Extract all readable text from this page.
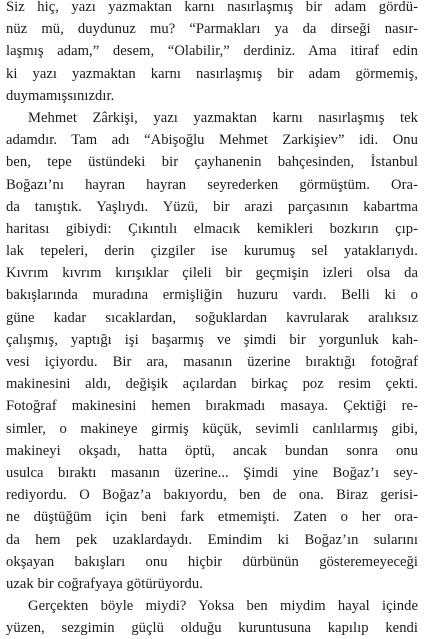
Siz hiç, yazı yazmaktan karnı nasırlaşmış bir adam gördü-
nüz mü, duydunuz mu? “Parmakları ya da dirseği nasır-
laşmış adam,” desem, “Olabilir,” derdiniz. Ama itiraf edin
ki yazı yazmaktan karnı nasırlaşmış bir adam görmemiş,
duymamışsınızdır.
Mehmet Zârkişi, yazı yazmaktan karnı nasırlaşmış tek
adamdır. Tam adı “Abişoğlu Mehmet Zarkişiev” idi. Onu
ben, tepe üstündeki bir çayhanenin bahçesinden, İstanbul
Boğazı’nı hayran hayran seyrederken görmüştüm. Ora-
da tanıştık. Yaşlıydı. Yüzü, bir arazi parçasının kabartma
haritası gibiydi: Çıkıntılı elmacık kemikleri bozkırın çıp-
lak tepeleri, derin çizgiler ise kurumuş sel yataklarıydı.
Kıvrım kıvrım kırışıklar çileli bir geçmişin izleri olsa da
bakışlarında muradına ermişliğin huzuru vardı. Belli ki o
güne kadar sıcaklardan, soğuklardan kavrularak aralıksız
çalışmış, yaptığı işi başarmış ve şimdi bir yorgunluk kah-
vesi içiyordu. Bir ara, masanın üzerine bıraktığı fotoğraf
makinesini aldı, değişik açılardan birkaç poz resim çekti.
Fotoğraf makinesini hemen bırakmadı masaya. Çektiği re-
simler, o makineye girmiş küçük, sevimli canlılarmış gibi,
makineyi okşadı, hatta öptü, ancak bundan sonra onu
usulca bıraktı masanın üzerine... Şimdi yine Boğaz’ı sey-
rediyordu. O Boğaz’a bakıyordu, ben de ona. Biraz gerisi-
ne düştüğüm için beni fark etmemişti. Zaten o her ora-
da hem pek uzaklardaydı. Emindim ki Boğaz’ın sularını
okşayan bakışları onu hiçbir dürbünün gösteremeyeceği
uzak bir coğrafyaya götürüyordu.
Gerçekten böyle miydi? Yoksa ben miydim hayal içinde
yüzen, sezgimin güçlü olduğu kuruntusuna kapılıp kendi
